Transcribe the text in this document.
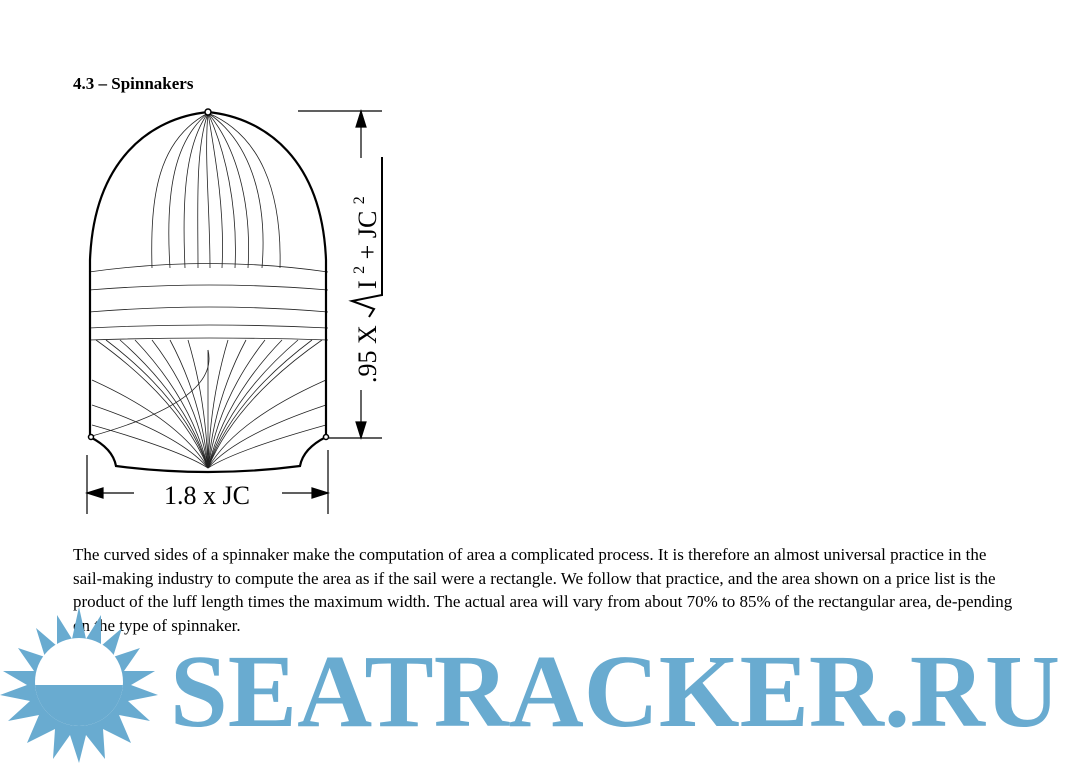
4.3 – Spinnakers
.95 X
I $^2$ + JC $^2$
1.8 x JC

The curved sides of a spinnaker make the computation of area a complicated process. It is therefore an almost universal practice in the sail-making industry to compute the area as if the sail were a rectangle. We follow that practice, and the area shown on a price list is the product of the luff length times the maximum width. The actual area will vary from about 70% to 85% of the rectangular area, de-pending on the type of spinnaker.

SEATRACKER.RU
